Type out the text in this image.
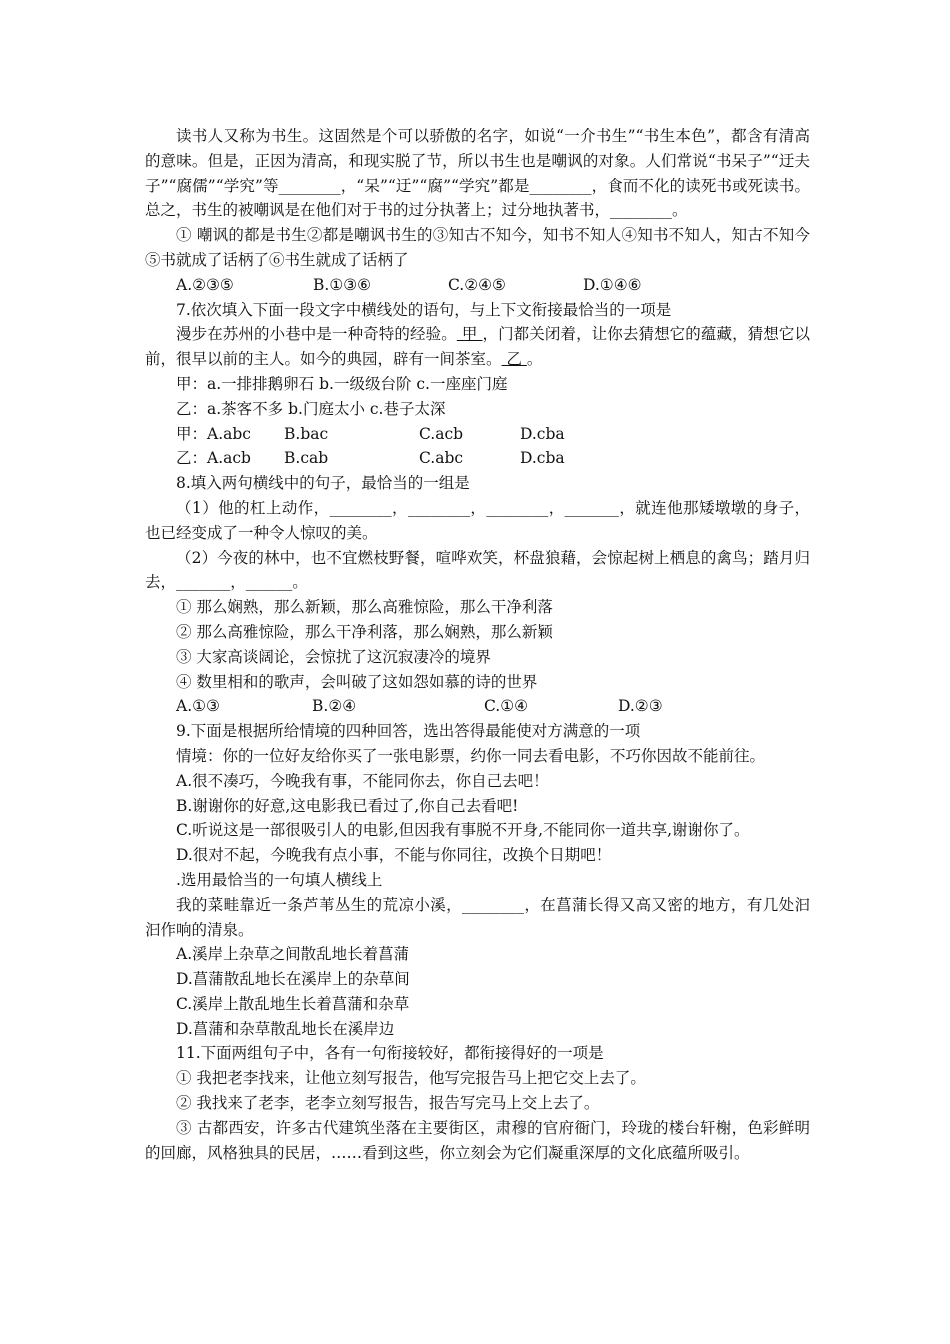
读书人又称为书生。这固然是个可以骄傲的名字，如说“一介书生”“书生本色”，都含有清高的意味。但是，正因为清高，和现实脱了节，所以书生也是嘲讽的对象。人们常说“书呆子”“迂夫子”“腐儒”“学究”等________，“呆”“迂”“腐”“学究”都是________，食而不化的读死书或死读书。总之，书生的被嘲讽是在他们对于书的过分执著上；过分地执著书，________。

① 嘲讽的都是书生②都是嘲讽书生的③知古不知今，知书不知人④知书不知人，知古不知今⑤书就成了话柄了⑥书生就成了话柄了

A.②③⑤	B.①③⑥	C.②④⑤	D.①④⑥

7.依次填入下面一段文字中横线处的语句，与上下文衔接最恰当的一项是

漫步在苏州的小巷中是一种奇特的经验。 甲 ，门都关闭着，让你去猜想它的蕴藏，猜想它以前，很早以前的主人。如今的典园，辟有一间茶室。 乙 。

甲：a.一排排鹅卵石 b.一级级台阶 c.一座座门庭

乙：a.茶客不多 b.门庭太小 c.巷子太深

甲：A.abc	B.bac	C.acb	D.cba
乙：A.acb	B.cab	C.abc	D.cba

8.填入两句横线中的句子，最恰当的一组是

（1）他的杠上动作，________，________，________，_______，就连他那矮墩墩的身子，也已经变成了一种令人惊叹的美。

（2）今夜的林中，也不宜燃枝野餐，喧哗欢笑，杯盘狼藉，会惊起树上栖息的禽鸟；踏月归去，_______，______。

① 那么娴熟，那么新颖，那么高雅惊险，那么干净利落

② 那么高雅惊险，那么干净利落，那么娴熟，那么新颖

③ 大家高谈阔论，会惊扰了这沉寂凄冷的境界

④ 数里相和的歌声，会叫破了这如怨如慕的诗的世界

A.①③	B.②④	C.①④	D.②③

9.下面是根据所给情境的四种回答，选出答得最能使对方满意的一项

情境：你的一位好友给你买了一张电影票，约你一同去看电影，不巧你因故不能前往。

A.很不凑巧，今晚我有事，不能同你去，你自己去吧！

B.谢谢你的好意,这电影我已看过了,你自己去看吧!

C.听说这是一部很吸引人的电影,但因我有事脱不开身,不能同你一道共享,谢谢你了。

D.很对不起，今晚我有点小事，不能与你同往，改换个日期吧！

.选用最恰当的一句填人横线上

我的菜畦靠近一条芦苇丛生的荒凉小溪，________，在菖蒲长得又高又密的地方，有几处汩汩作响的清泉。

A.溪岸上杂草之间散乱地长着菖蒲

D.菖蒲散乱地长在溪岸上的杂草间

C.溪岸上散乱地生长着菖蒲和杂草

D.菖蒲和杂草散乱地长在溪岸边

11.下面两组句子中，各有一句衔接较好，都衔接得好的一项是

① 我把老李找来，让他立刻写报告，他写完报告马上把它交上去了。

② 我找来了老李，老李立刻写报告，报告写完马上交上去了。

③ 古都西安，许多古代建筑坐落在主要街区，肃穆的官府衙门，玲珑的楼台轩榭，色彩鲜明的回廊，风格独具的民居，……看到这些，你立刻会为它们凝重深厚的文化底蕴所吸引。
